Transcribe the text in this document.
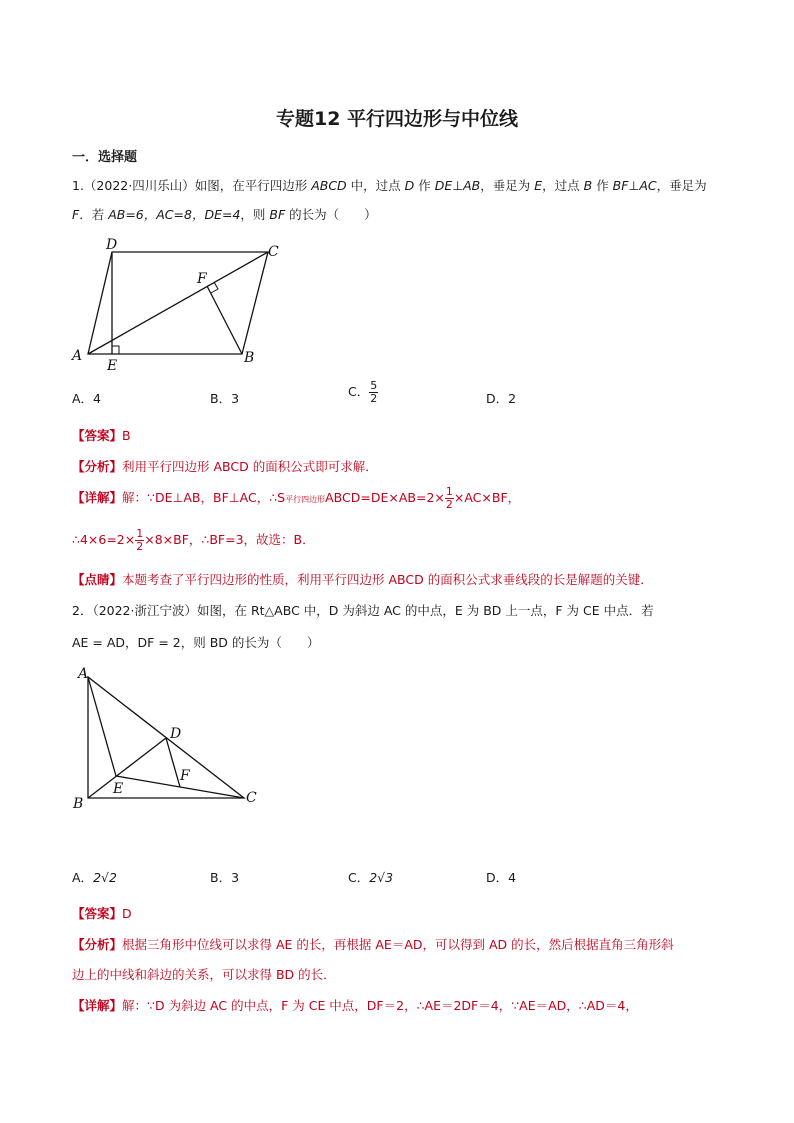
专题12 平行四边形与中位线
一．选择题
1.（2022·四川乐山）如图，在平行四边形 ABCD 中，过点 D 作 DE⊥AB，垂足为 E，过点 B 作 BF⊥AC，垂足为
F．若 AB=6，AC=8，DE=4，则 BF 的长为（　　）
A
D	C
B
E
F
A．4	B．3	C． $\frac{5}{2}$	D．2
【答案】B
【分析】利用平行四边形 ABCD 的面积公式即可求解．
【详解】解：∵DE⊥AB，BF⊥AC，∴S平行四边形ABCD=DE×AB=2× $\frac{1}{2} \times AC\times BF$，
∴4×6=2× $\frac{1}{2} \times 8\times BF$，∴BF=3，故选：B．
【点睛】本题考查了平行四边形的性质，利用平行四边形 ABCD 的面积公式求垂线段的长是解题的关键．
2．（2022·浙江宁波）如图，在 Rt△ABC 中，D 为斜边 AC 的中点，E 为 BD 上一点，F 为 CE 中点．若
AE = AD，DF = 2，则 BD 的长为（　　）
A
B	C
D
E
F
A．2√2	B．3	C．2√3	D．4
【答案】D
【分析】根据三角形中位线可以求得 AE 的长，再根据 AE＝AD，可以得到 AD 的长，然后根据直角三角形斜
边上的中线和斜边的关系，可以求得 BD 的长．
【详解】解：∵D 为斜边 AC 的中点，F 为 CE 中点，DF＝2，∴AE＝2DF＝4，∵AE＝AD，∴AD＝4，
